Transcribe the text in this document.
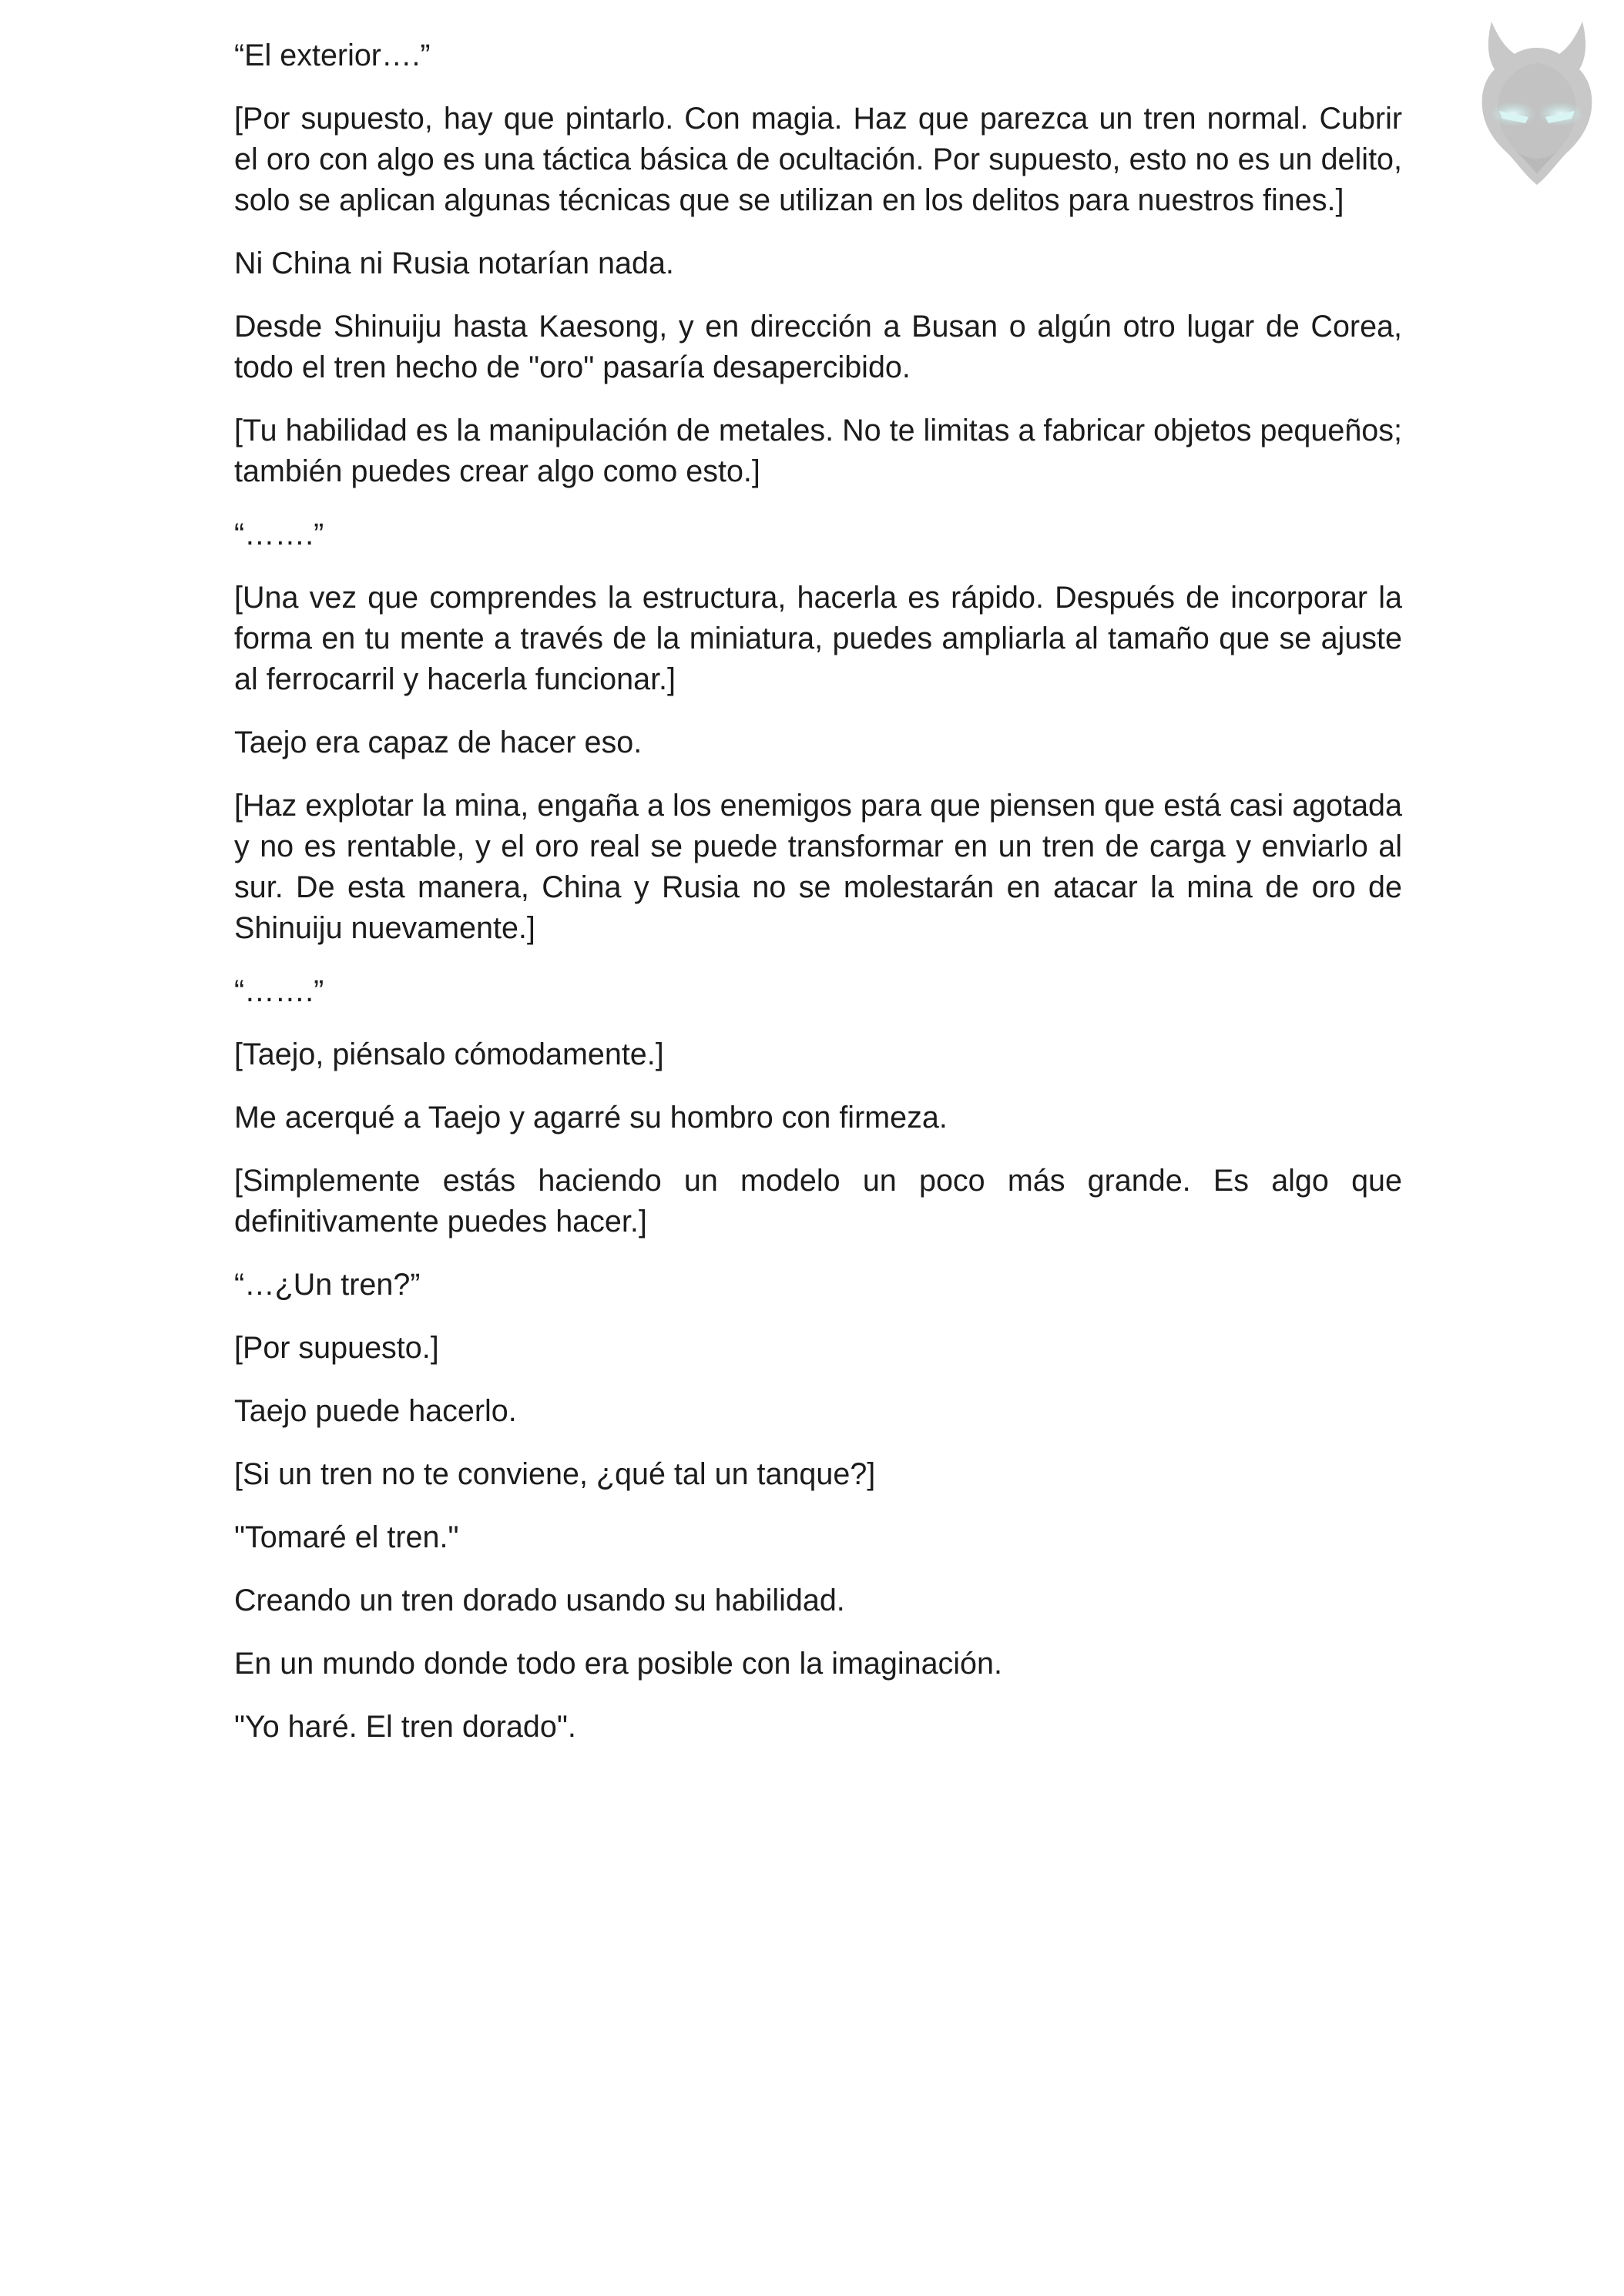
“El exterior….”

[Por supuesto, hay que pintarlo. Con magia. Haz que parezca un tren normal. Cubrir el oro con algo es una táctica básica de ocultación. Por supuesto, esto no es un delito, solo se aplican algunas técnicas que se utilizan en los delitos para nuestros fines.]

Ni China ni Rusia notarían nada.

Desde Shinuiju hasta Kaesong, y en dirección a Busan o algún otro lugar de Corea, todo el tren hecho de "oro" pasaría desapercibido.

[Tu habilidad es la manipulación de metales. No te limitas a fabricar objetos pequeños; también puedes crear algo como esto.]

“…….”

[Una vez que comprendes la estructura, hacerla es rápido. Después de incorporar la forma en tu mente a través de la miniatura, puedes ampliarla al tamaño que se ajuste al ferrocarril y hacerla funcionar.]

Taejo era capaz de hacer eso.

[Haz explotar la mina, engaña a los enemigos para que piensen que está casi agotada y no es rentable, y el oro real se puede transformar en un tren de carga y enviarlo al sur. De esta manera, China y Rusia no se molestarán en atacar la mina de oro de Shinuiju nuevamente.]

“…….”

[Taejo, piénsalo cómodamente.]

Me acerqué a Taejo y agarré su hombro con firmeza.

[Simplemente estás haciendo un modelo un poco más grande. Es algo que definitivamente puedes hacer.]

“…¿Un tren?”

[Por supuesto.]

Taejo puede hacerlo.

[Si un tren no te conviene, ¿qué tal un tanque?]

"Tomaré el tren."

Creando un tren dorado usando su habilidad.

En un mundo donde todo era posible con la imaginación.

"Yo haré. El tren dorado".
